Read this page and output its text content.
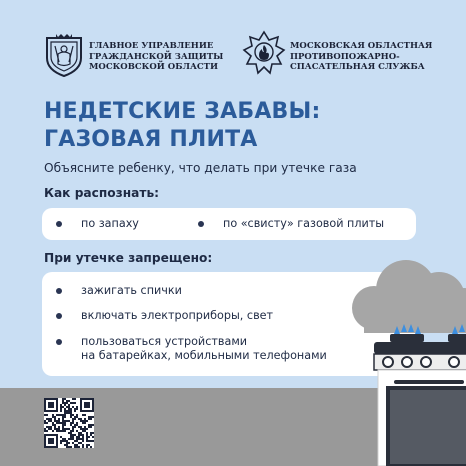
ГЛАВНОЕ УПРАВЛЕНИЕ
ГРАЖДАНСКОЙ ЗАЩИТЫ
МОСКОВСКОЙ ОБЛАСТИ
МОСКОВСКАЯ ОБЛАСТНАЯ
ПРОТИВОПОЖАРНО-
СПАСАТЕЛЬНАЯ СЛУЖБА
НЕДЕТСКИЕ ЗАБАВЫ:
ГАЗОВАЯ ПЛИТА
Объясните ребенку, что делать при утечке газа
Как распознать:
по запаху	по «свисту» газовой плиты
При утечке запрещено:
зажигать спички
включать электроприборы, свет
пользоваться устройствами
на батарейках, мобильными телефонами
